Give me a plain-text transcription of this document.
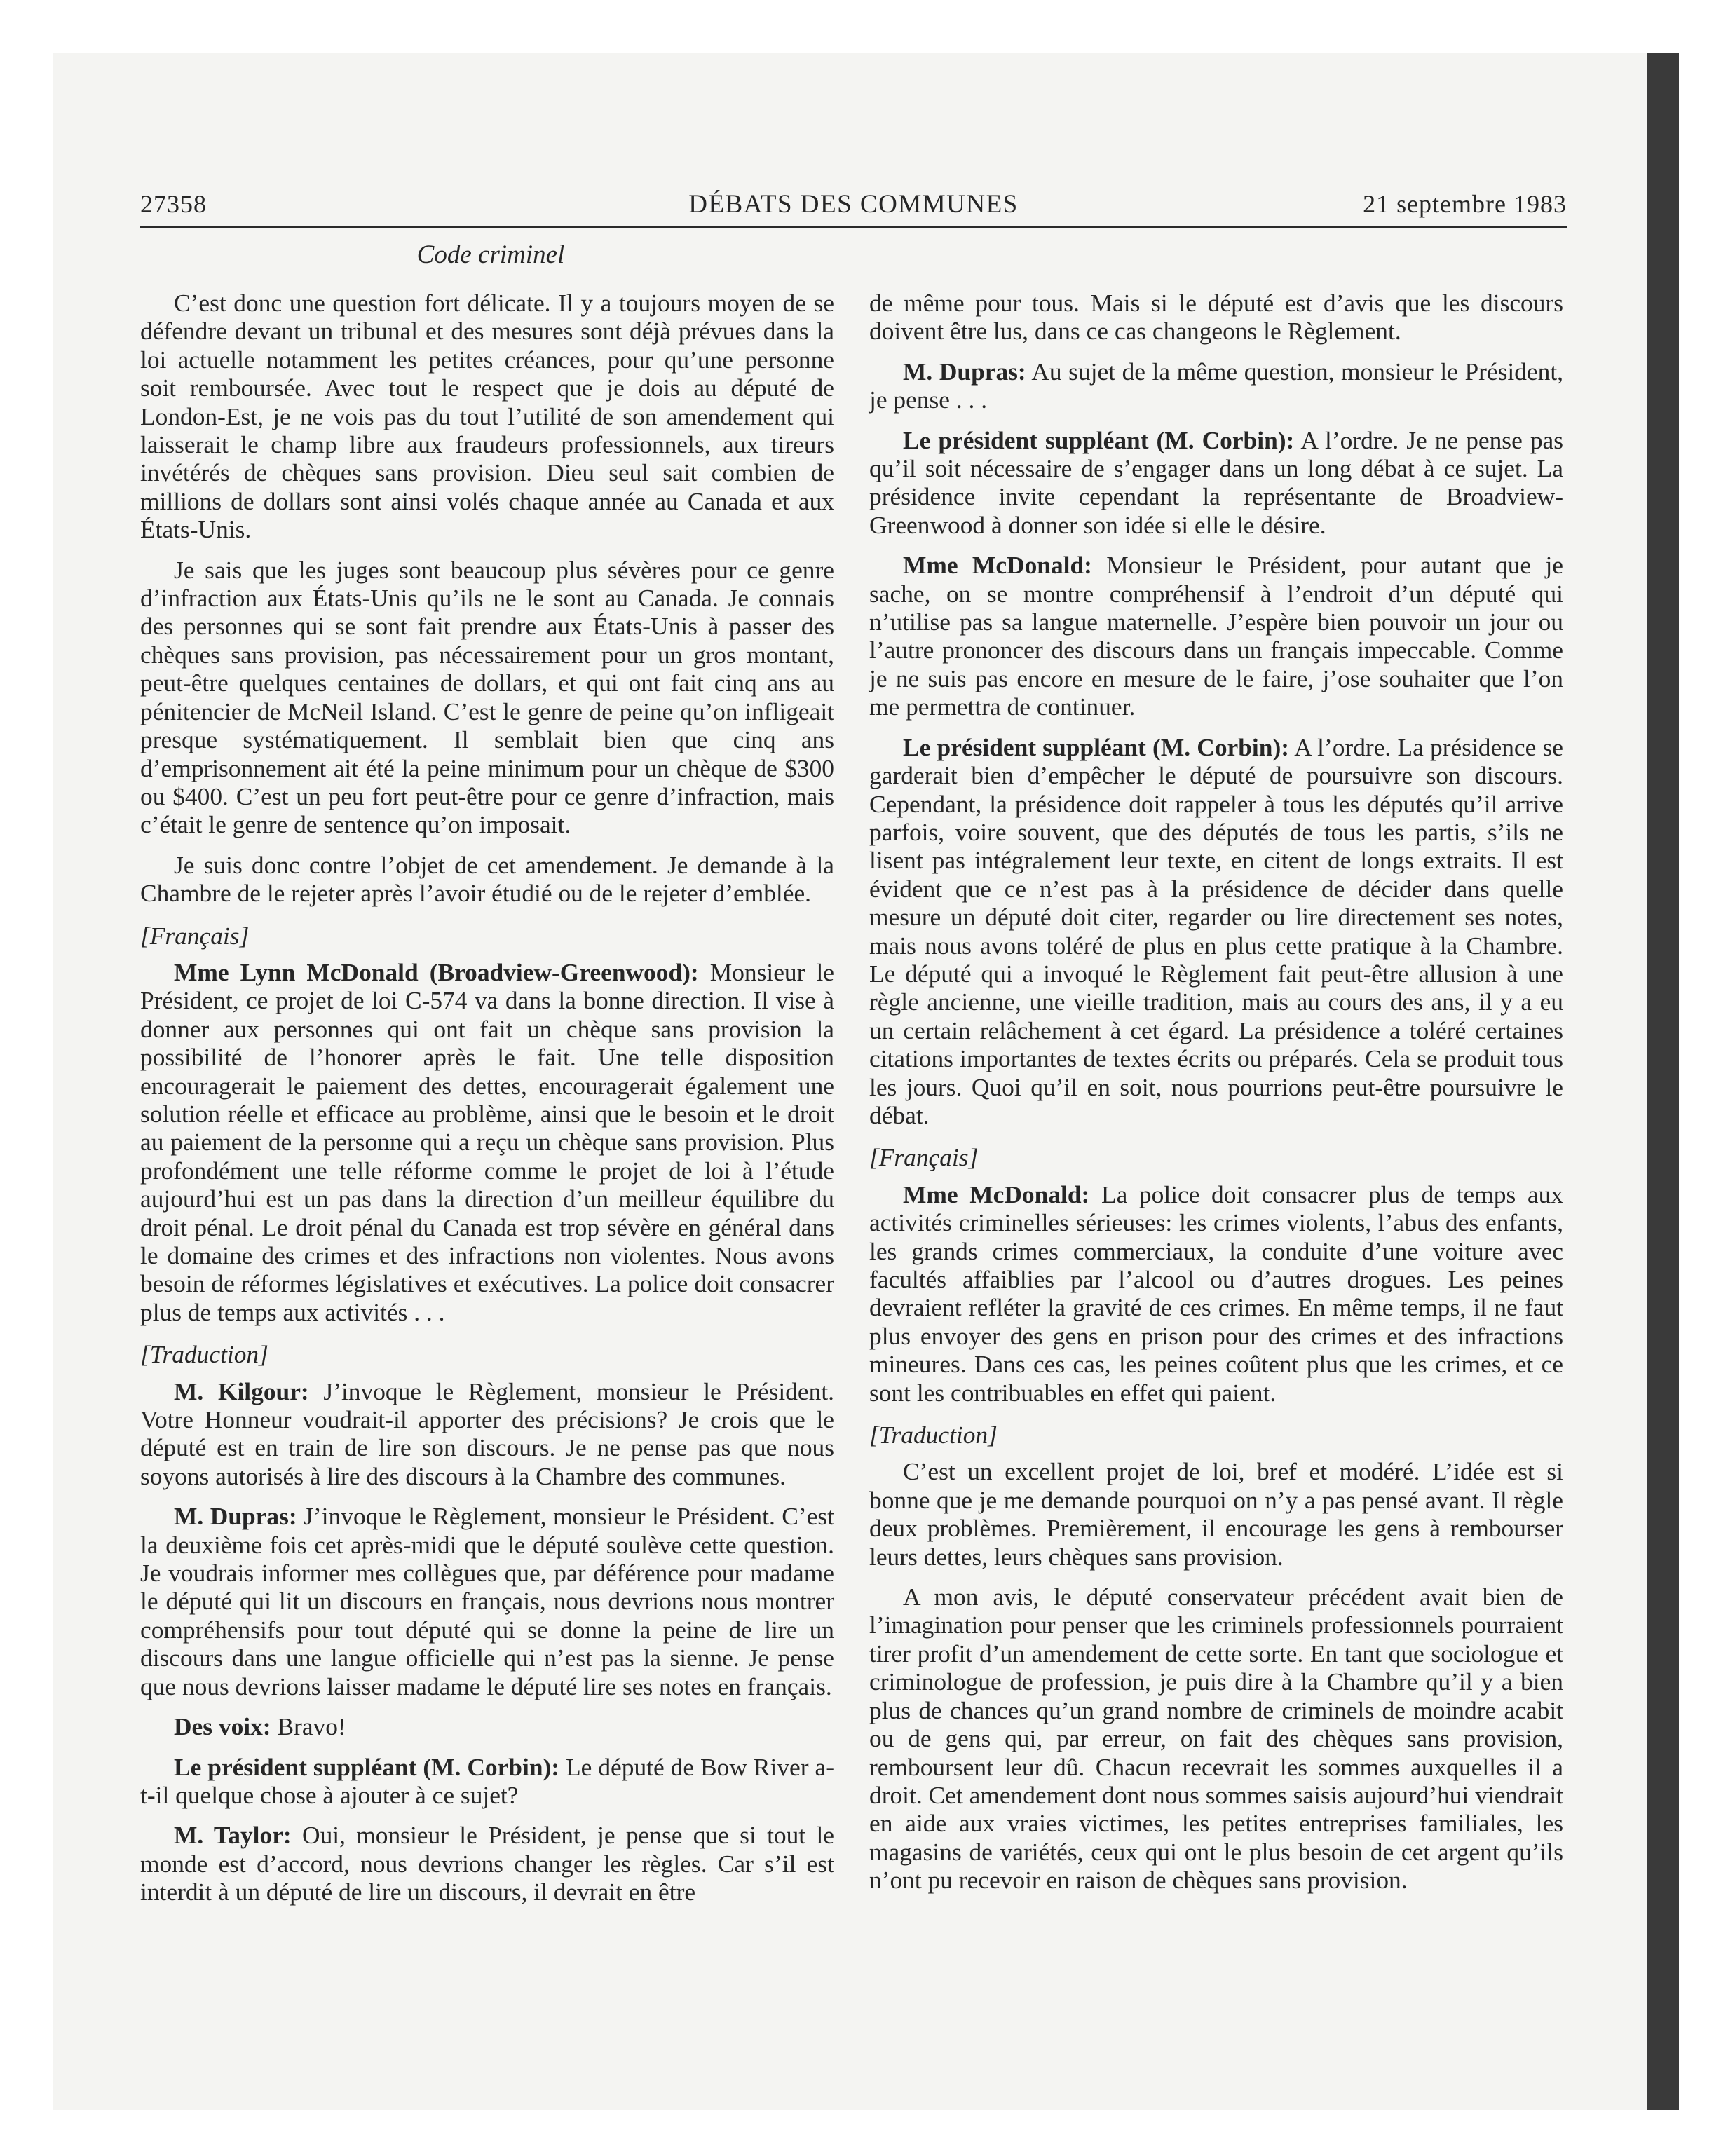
27358	DÉBATS DES COMMUNES	21 septembre 1983
Code criminel

C’est donc une question fort délicate. Il y a toujours moyen de se défendre devant un tribunal et des mesures sont déjà prévues dans la loi actuelle notamment les petites créances, pour qu’une personne soit remboursée. Avec tout le respect que je dois au député de London-Est, je ne vois pas du tout l’utilité de son amendement qui laisserait le champ libre aux fraudeurs professionnels, aux tireurs invétérés de chèques sans provision. Dieu seul sait combien de millions de dollars sont ainsi volés chaque année au Canada et aux États-Unis.

Je sais que les juges sont beaucoup plus sévères pour ce genre d’infraction aux États-Unis qu’ils ne le sont au Canada. Je connais des personnes qui se sont fait prendre aux États-Unis à passer des chèques sans provision, pas nécessairement pour un gros montant, peut-être quelques centaines de dollars, et qui ont fait cinq ans au pénitencier de McNeil Island. C’est le genre de peine qu’on infligeait presque systématiquement. Il semblait bien que cinq ans d’emprisonnement ait été la peine minimum pour un chèque de $300 ou $400. C’est un peu fort peut-être pour ce genre d’infraction, mais c’était le genre de sentence qu’on imposait.

Je suis donc contre l’objet de cet amendement. Je demande à la Chambre de le rejeter après l’avoir étudié ou de le rejeter d’emblée.

[Français]

Mme Lynn McDonald (Broadview-Greenwood): Monsieur le Président, ce projet de loi C-574 va dans la bonne direction. Il vise à donner aux personnes qui ont fait un chèque sans provision la possibilité de l’honorer après le fait. Une telle disposition encouragerait le paiement des dettes, encouragerait également une solution réelle et efficace au problème, ainsi que le besoin et le droit au paiement de la personne qui a reçu un chèque sans provision. Plus profondément une telle réforme comme le projet de loi à l’étude aujourd’hui est un pas dans la direction d’un meilleur équilibre du droit pénal. Le droit pénal du Canada est trop sévère en général dans le domaine des crimes et des infractions non violentes. Nous avons besoin de réformes législatives et exécutives. La police doit consacrer plus de temps aux activités . . .

[Traduction]

M. Kilgour: J’invoque le Règlement, monsieur le Président. Votre Honneur voudrait-il apporter des précisions? Je crois que le député est en train de lire son discours. Je ne pense pas que nous soyons autorisés à lire des discours à la Chambre des communes.

M. Dupras: J’invoque le Règlement, monsieur le Président. C’est la deuxième fois cet après-midi que le député soulève cette question. Je voudrais informer mes collègues que, par déférence pour madame le député qui lit un discours en français, nous devrions nous montrer compréhensifs pour tout député qui se donne la peine de lire un discours dans une langue officielle qui n’est pas la sienne. Je pense que nous devrions laisser madame le député lire ses notes en français.

Des voix: Bravo!

Le président suppléant (M. Corbin): Le député de Bow River a-t-il quelque chose à ajouter à ce sujet?

M. Taylor: Oui, monsieur le Président, je pense que si tout le monde est d’accord, nous devrions changer les règles. Car s’il est interdit à un député de lire un discours, il devrait en être

de même pour tous. Mais si le député est d’avis que les discours doivent être lus, dans ce cas changeons le Règlement.

M. Dupras: Au sujet de la même question, monsieur le Président, je pense . . .

Le président suppléant (M. Corbin): A l’ordre. Je ne pense pas qu’il soit nécessaire de s’engager dans un long débat à ce sujet. La présidence invite cependant la représentante de Broadview-Greenwood à donner son idée si elle le désire.

Mme McDonald: Monsieur le Président, pour autant que je sache, on se montre compréhensif à l’endroit d’un député qui n’utilise pas sa langue maternelle. J’espère bien pouvoir un jour ou l’autre prononcer des discours dans un français impeccable. Comme je ne suis pas encore en mesure de le faire, j’ose souhaiter que l’on me permettra de continuer.

Le président suppléant (M. Corbin): A l’ordre. La présidence se garderait bien d’empêcher le député de poursuivre son discours. Cependant, la présidence doit rappeler à tous les députés qu’il arrive parfois, voire souvent, que des députés de tous les partis, s’ils ne lisent pas intégralement leur texte, en citent de longs extraits. Il est évident que ce n’est pas à la présidence de décider dans quelle mesure un député doit citer, regarder ou lire directement ses notes, mais nous avons toléré de plus en plus cette pratique à la Chambre. Le député qui a invoqué le Règlement fait peut-être allusion à une règle ancienne, une vieille tradition, mais au cours des ans, il y a eu un certain relâchement à cet égard. La présidence a toléré certaines citations importantes de textes écrits ou préparés. Cela se produit tous les jours. Quoi qu’il en soit, nous pourrions peut-être poursuivre le débat.

[Français]

Mme McDonald: La police doit consacrer plus de temps aux activités criminelles sérieuses: les crimes violents, l’abus des enfants, les grands crimes commerciaux, la conduite d’une voiture avec facultés affaiblies par l’alcool ou d’autres drogues. Les peines devraient refléter la gravité de ces crimes. En même temps, il ne faut plus envoyer des gens en prison pour des crimes et des infractions mineures. Dans ces cas, les peines coûtent plus que les crimes, et ce sont les contribuables en effet qui paient.

[Traduction]

C’est un excellent projet de loi, bref et modéré. L’idée est si bonne que je me demande pourquoi on n’y a pas pensé avant. Il règle deux problèmes. Premièrement, il encourage les gens à rembourser leurs dettes, leurs chèques sans provision.

A mon avis, le député conservateur précédent avait bien de l’imagination pour penser que les criminels professionnels pourraient tirer profit d’un amendement de cette sorte. En tant que sociologue et criminologue de profession, je puis dire à la Chambre qu’il y a bien plus de chances qu’un grand nombre de criminels de moindre acabit ou de gens qui, par erreur, on fait des chèques sans provision, remboursent leur dû. Chacun recevrait les sommes auxquelles il a droit. Cet amendement dont nous sommes saisis aujourd’hui viendrait en aide aux vraies victimes, les petites entreprises familiales, les magasins de variétés, ceux qui ont le plus besoin de cet argent qu’ils n’ont pu recevoir en raison de chèques sans provision.
